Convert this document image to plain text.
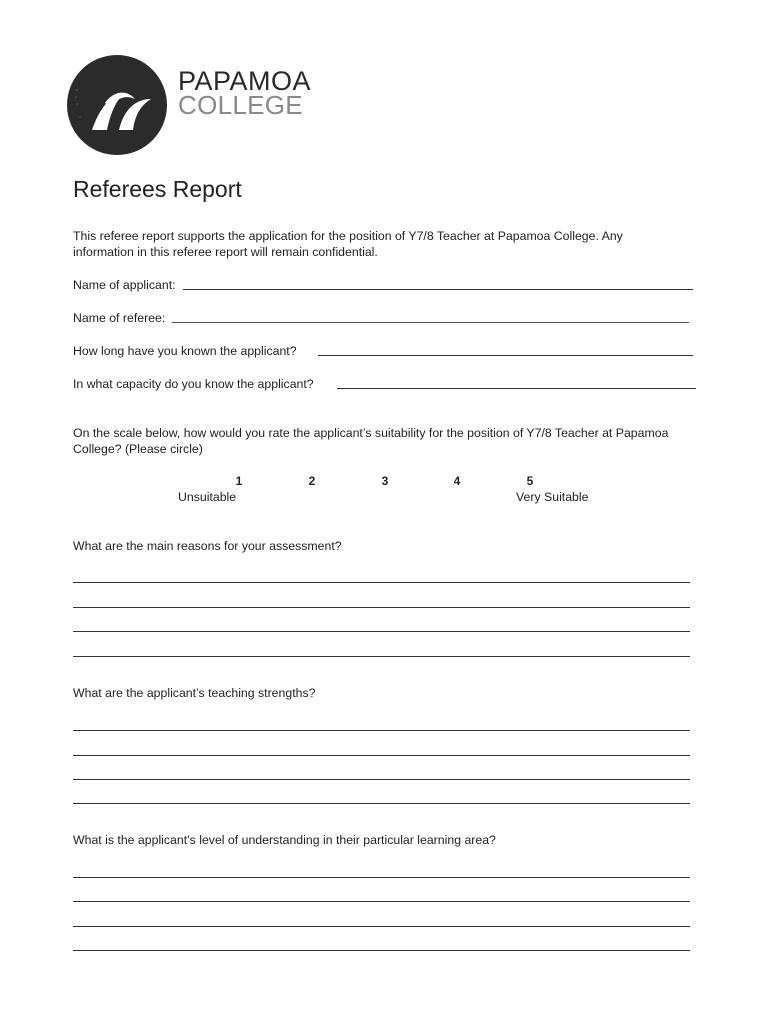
PAPAMOA
COLLEGE
Referees Report
This referee report supports the application for the position of Y7/8 Teacher at Papamoa College. Any information in this referee report will remain confidential.
Name of applicant:
Name of referee:
How long have you known the applicant?
In what capacity do you know the applicant?
On the scale below, how would you rate the applicant’s suitability for the position of Y7/8 Teacher at Papamoa College? (Please circle)
1	2	3	4	5
Unsuitable	Very Suitable
What are the main reasons for your assessment?
What are the applicant’s teaching strengths?
What is the applicant’s level of understanding in their particular learning area?
